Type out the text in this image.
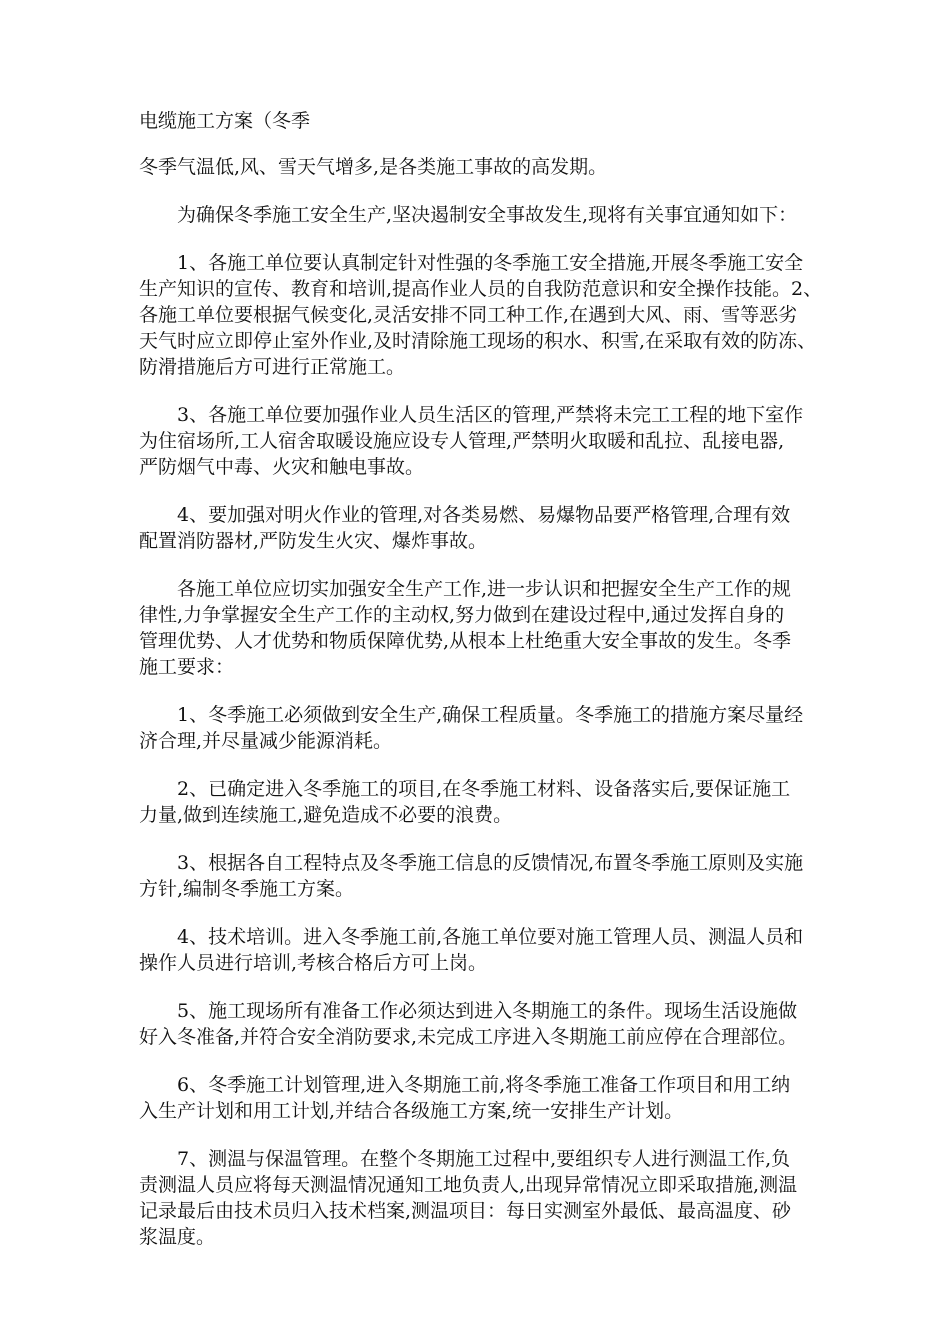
电缆施工方案（冬季
冬季气温低,风、雪天气增多,是各类施工事故的高发期。
为确保冬季施工安全生产,坚决遏制安全事故发生,现将有关事宜通知如下：
1、各施工单位要认真制定针对性强的冬季施工安全措施,开展冬季施工安全
生产知识的宣传、教育和培训,提高作业人员的自我防范意识和安全操作技能。2、
各施工单位要根据气候变化,灵活安排不同工种工作,在遇到大风、雨、雪等恶劣
天气时应立即停止室外作业,及时清除施工现场的积水、积雪,在采取有效的防冻、
防滑措施后方可进行正常施工。
3、各施工单位要加强作业人员生活区的管理,严禁将未完工工程的地下室作
为住宿场所,工人宿舍取暖设施应设专人管理,严禁明火取暖和乱拉、乱接电器,
严防烟气中毒、火灾和触电事故。
4、要加强对明火作业的管理,对各类易燃、易爆物品要严格管理,合理有效
配置消防器材,严防发生火灾、爆炸事故。
各施工单位应切实加强安全生产工作,进一步认识和把握安全生产工作的规
律性,力争掌握安全生产工作的主动权,努力做到在建设过程中,通过发挥自身的
管理优势、人才优势和物质保障优势,从根本上杜绝重大安全事故的发生。冬季
施工要求：
1、冬季施工必须做到安全生产,确保工程质量。冬季施工的措施方案尽量经
济合理,并尽量减少能源消耗。
2、已确定进入冬季施工的项目,在冬季施工材料、设备落实后,要保证施工
力量,做到连续施工,避免造成不必要的浪费。
3、根据各自工程特点及冬季施工信息的反馈情况,布置冬季施工原则及实施
方针,编制冬季施工方案。
4、技术培训。进入冬季施工前,各施工单位要对施工管理人员、测温人员和
操作人员进行培训,考核合格后方可上岗。
5、施工现场所有准备工作必须达到进入冬期施工的条件。现场生活设施做
好入冬准备,并符合安全消防要求,未完成工序进入冬期施工前应停在合理部位。
6、冬季施工计划管理,进入冬期施工前,将冬季施工准备工作项目和用工纳
入生产计划和用工计划,并结合各级施工方案,统一安排生产计划。
7、测温与保温管理。在整个冬期施工过程中,要组织专人进行测温工作,负
责测温人员应将每天测温情况通知工地负责人,出现异常情况立即采取措施,测温
记录最后由技术员归入技术档案,测温项目：每日实测室外最低、最高温度、砂
浆温度。
